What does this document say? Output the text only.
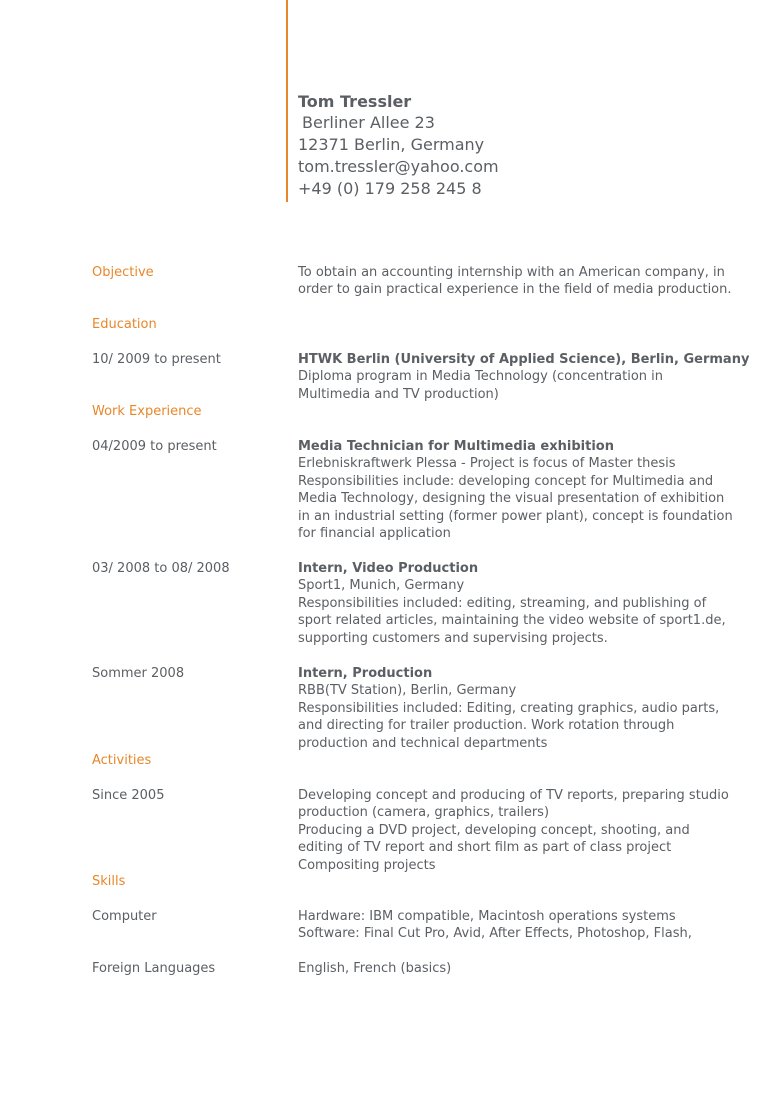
Tom Tressler
Berliner Allee 23
12371 Berlin, Germany
tom.tressler@yahoo.com
+49 (0) 179 258 245 8
Objective	To obtain an accounting internship with an American company, in
order to gain practical experience in the field of media production.
Education
10/ 2009 to present	HTWK Berlin (University of Applied Science), Berlin, Germany
Diploma program in Media Technology (concentration in
Multimedia and TV production)
Work Experience
04/2009 to present	Media Technician for Multimedia exhibition
Erlebniskraftwerk Plessa - Project is focus of Master thesis
Responsibilities include: developing concept for Multimedia and
Media Technology, designing the visual presentation of exhibition
in an industrial setting (former power plant), concept is foundation
for financial application
03/ 2008 to 08/ 2008	Intern, Video Production
Sport1, Munich, Germany
Responsibilities included: editing, streaming, and publishing of
sport related articles, maintaining the video website of sport1.de,
supporting customers and supervising projects.
Sommer 2008	Intern, Production
RBB(TV Station), Berlin, Germany
Responsibilities included: Editing, creating graphics, audio parts,
and directing for trailer production. Work rotation through
production and technical departments
Activities
Since 2005	Developing concept and producing of TV reports, preparing studio
production (camera, graphics, trailers)
Producing a DVD project, developing concept, shooting, and
editing of TV report and short film as part of class project
Compositing projects
Skills
Computer	Hardware: IBM compatible, Macintosh operations systems
Software: Final Cut Pro, Avid, After Effects, Photoshop, Flash,
Foreign Languages	English, French (basics)
